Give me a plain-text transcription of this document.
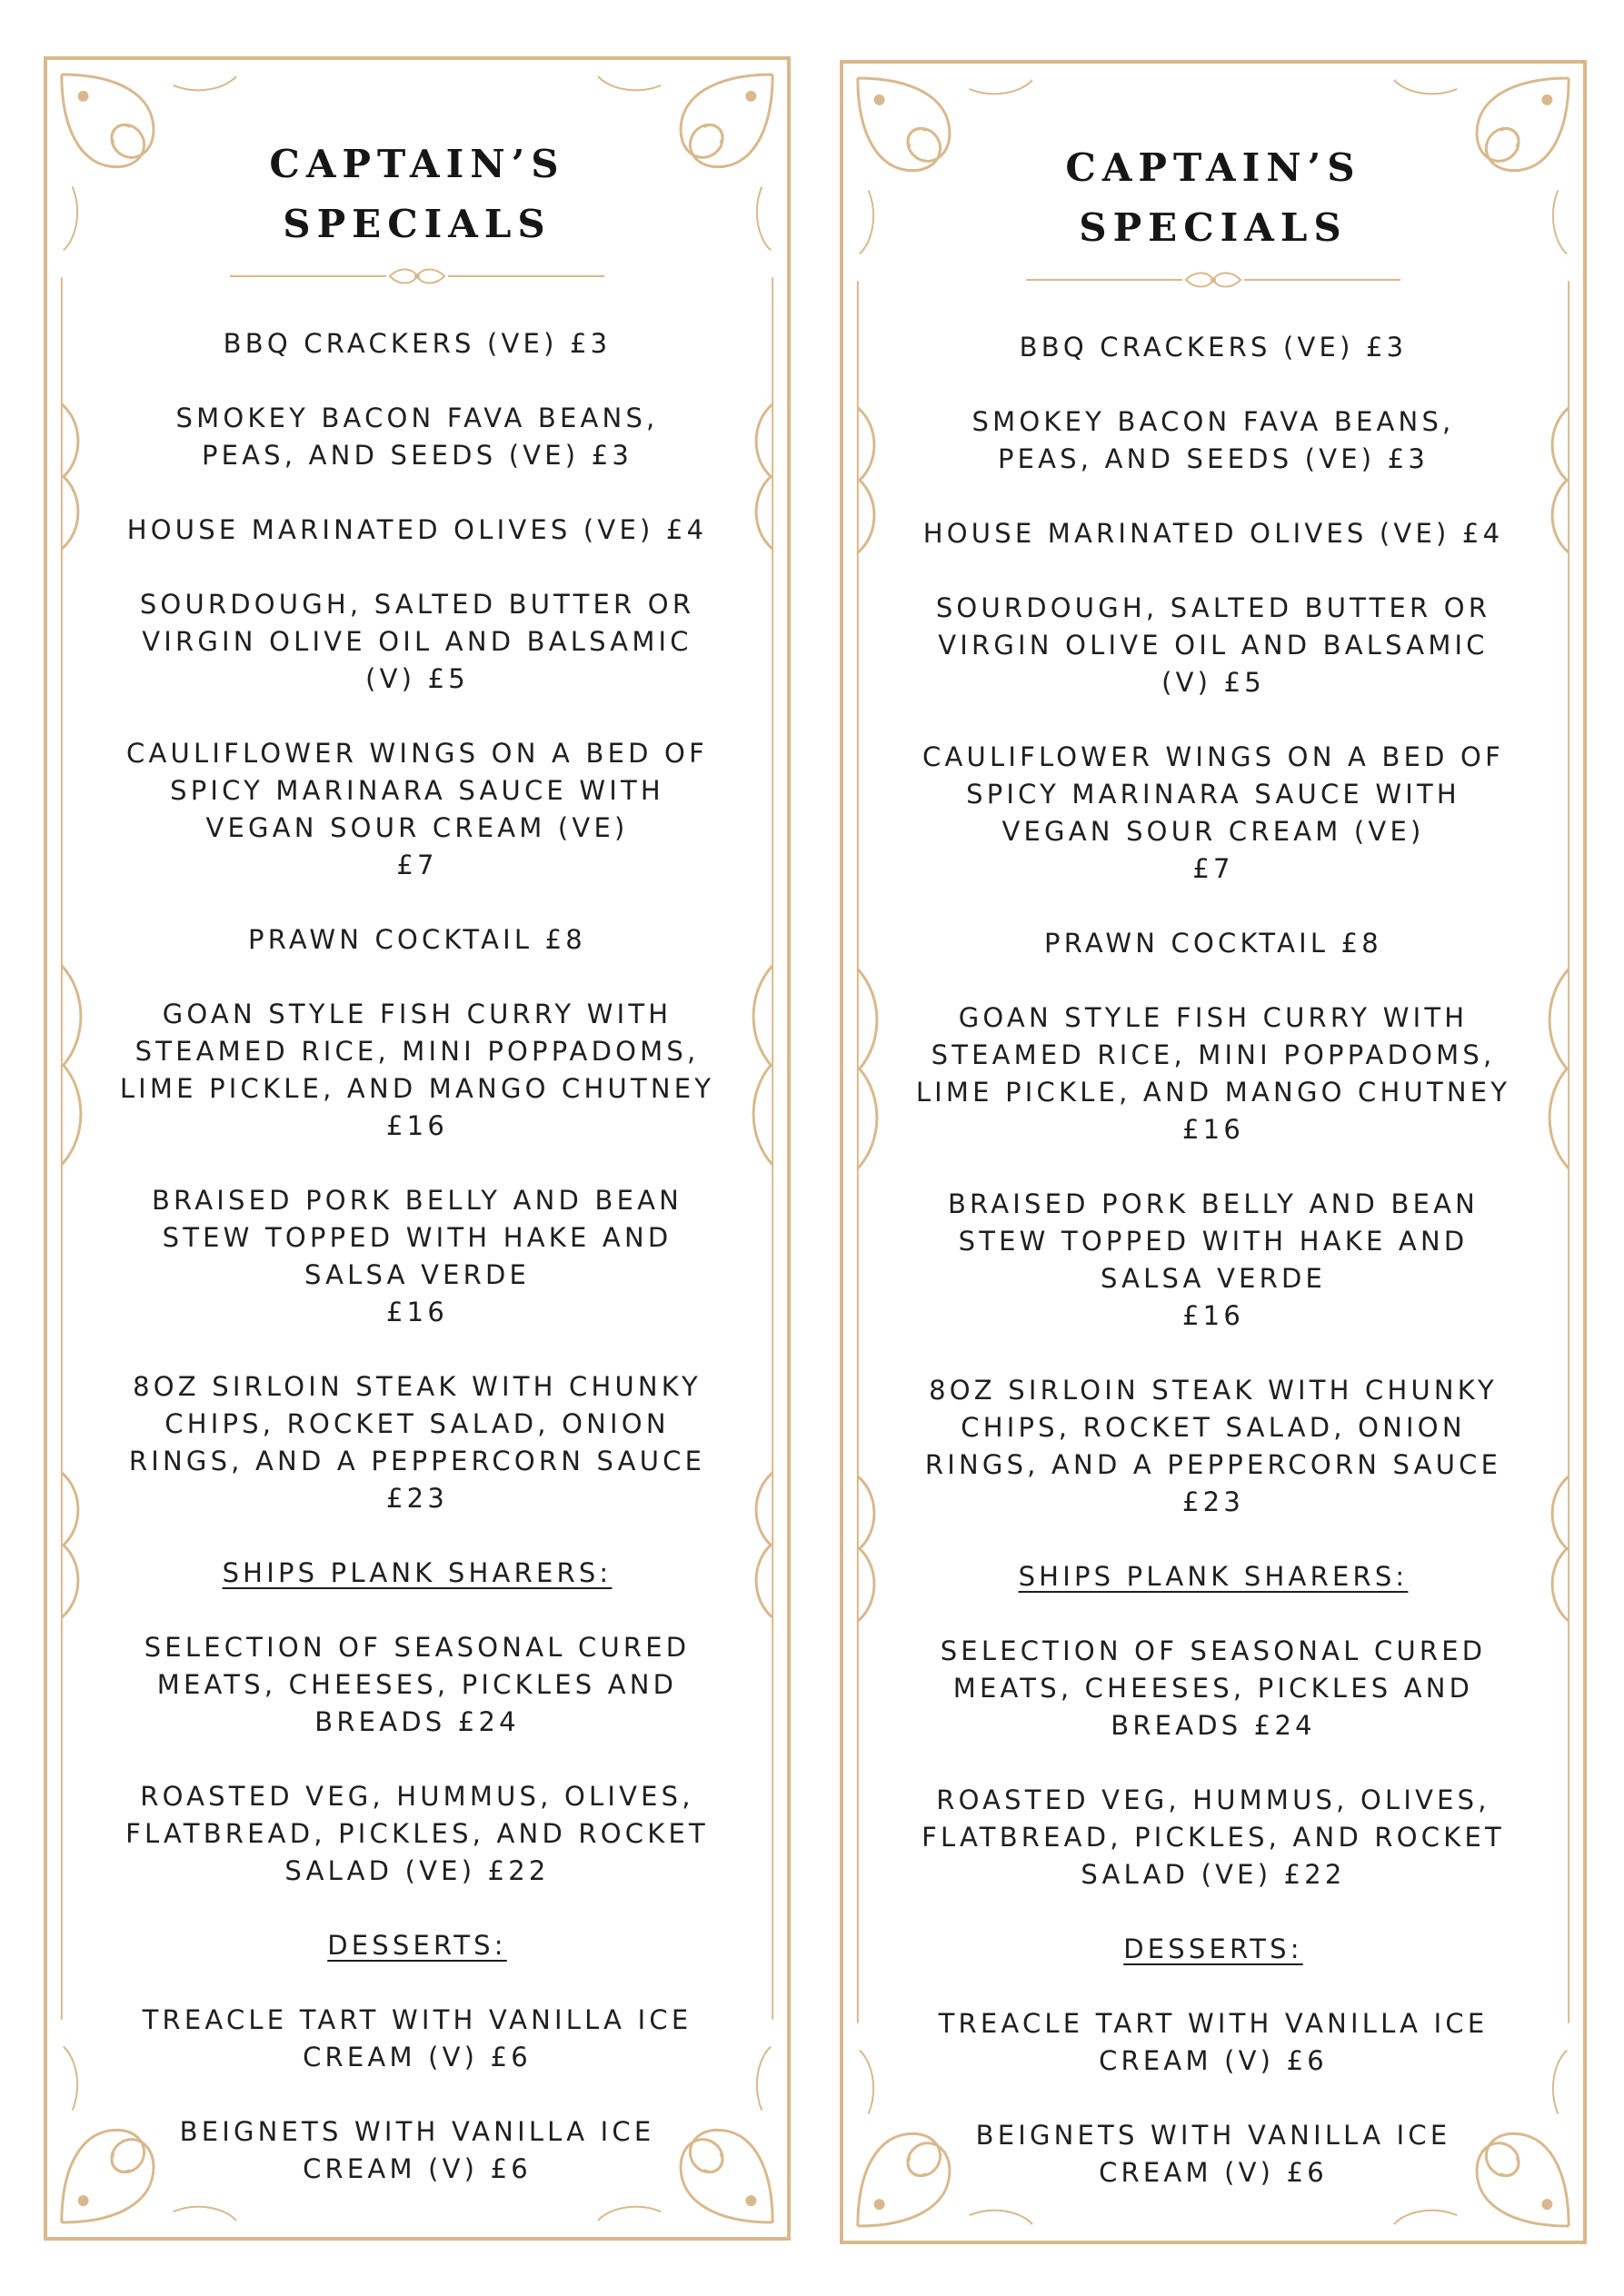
CAPTAIN’S
SPECIALS

BBQ CRACKERS (VE) £3

SMOKEY BACON FAVA BEANS,
PEAS, AND SEEDS (VE) £3

HOUSE MARINATED OLIVES (VE) £4

SOURDOUGH, SALTED BUTTER OR
VIRGIN OLIVE OIL AND BALSAMIC
(V) £5

CAULIFLOWER WINGS ON A BED OF
SPICY MARINARA SAUCE WITH
VEGAN SOUR CREAM (VE)
£7

PRAWN COCKTAIL £8

GOAN STYLE FISH CURRY WITH
STEAMED RICE, MINI POPPADOMS,
LIME PICKLE, AND MANGO CHUTNEY
£16

BRAISED PORK BELLY AND BEAN
STEW TOPPED WITH HAKE AND
SALSA VERDE
£16

8OZ SIRLOIN STEAK WITH CHUNKY
CHIPS, ROCKET SALAD, ONION
RINGS, AND A PEPPERCORN SAUCE
£23

SHIPS PLANK SHARERS:

SELECTION OF SEASONAL CURED
MEATS, CHEESES, PICKLES AND
BREADS £24

ROASTED VEG, HUMMUS, OLIVES,
FLATBREAD, PICKLES, AND ROCKET
SALAD (VE) £22

DESSERTS:

TREACLE TART WITH VANILLA ICE
CREAM (V) £6

BEIGNETS WITH VANILLA ICE
CREAM (V) £6

CAPTAIN’S
SPECIALS

BBQ CRACKERS (VE) £3

SMOKEY BACON FAVA BEANS,
PEAS, AND SEEDS (VE) £3

HOUSE MARINATED OLIVES (VE) £4

SOURDOUGH, SALTED BUTTER OR
VIRGIN OLIVE OIL AND BALSAMIC
(V) £5

CAULIFLOWER WINGS ON A BED OF
SPICY MARINARA SAUCE WITH
VEGAN SOUR CREAM (VE)
£7

PRAWN COCKTAIL £8

GOAN STYLE FISH CURRY WITH
STEAMED RICE, MINI POPPADOMS,
LIME PICKLE, AND MANGO CHUTNEY
£16

BRAISED PORK BELLY AND BEAN
STEW TOPPED WITH HAKE AND
SALSA VERDE
£16

8OZ SIRLOIN STEAK WITH CHUNKY
CHIPS, ROCKET SALAD, ONION
RINGS, AND A PEPPERCORN SAUCE
£23

SHIPS PLANK SHARERS:

SELECTION OF SEASONAL CURED
MEATS, CHEESES, PICKLES AND
BREADS £24

ROASTED VEG, HUMMUS, OLIVES,
FLATBREAD, PICKLES, AND ROCKET
SALAD (VE) £22

DESSERTS:

TREACLE TART WITH VANILLA ICE
CREAM (V) £6

BEIGNETS WITH VANILLA ICE
CREAM (V) £6
